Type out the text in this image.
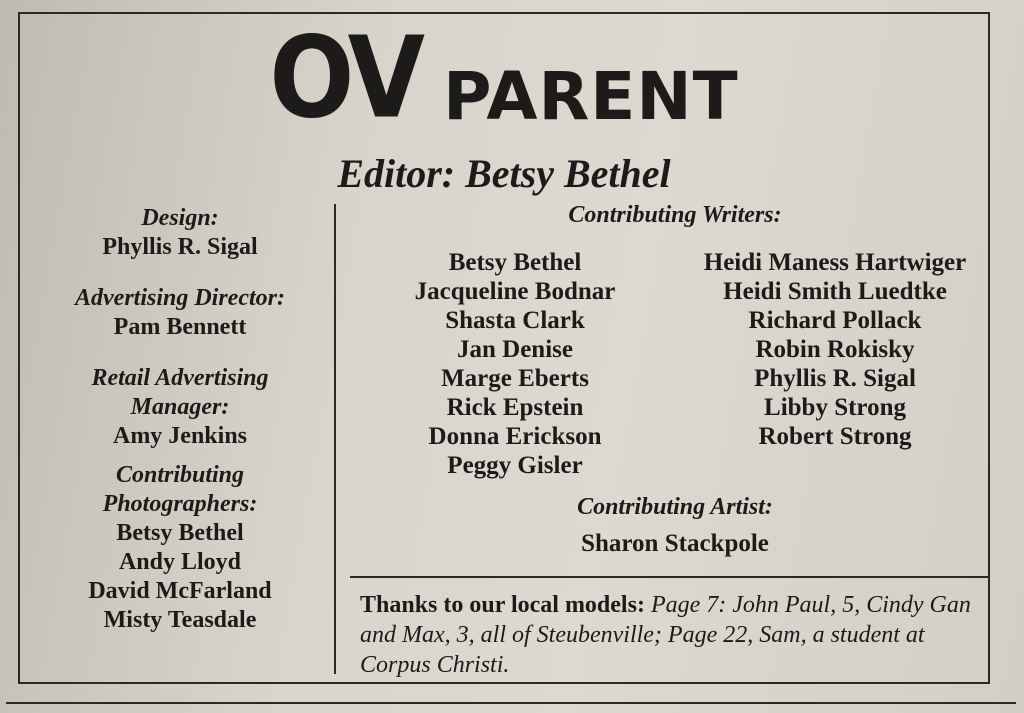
OV PARENT
Editor: Betsy Bethel
Design:
Phyllis R. Sigal
Advertising Director:
Pam Bennett
Retail Advertising
Manager:
Amy Jenkins
Contributing
Photographers:
Betsy Bethel
Andy Lloyd
David McFarland
Misty Teasdale
Contributing Writers:
Betsy Bethel
Jacqueline Bodnar
Shasta Clark
Jan Denise
Marge Eberts
Rick Epstein
Donna Erickson
Peggy Gisler
Heidi Maness Hartwiger
Heidi Smith Luedtke
Richard Pollack
Robin Rokisky
Phyllis R. Sigal
Libby Strong
Robert Strong
Contributing Artist:
Sharon Stackpole
Thanks to our local models: Page 7: John Paul, 5, Cindy Gan and Max, 3, all of Steubenville; Page 22, Sam, a student at Corpus Christi.
